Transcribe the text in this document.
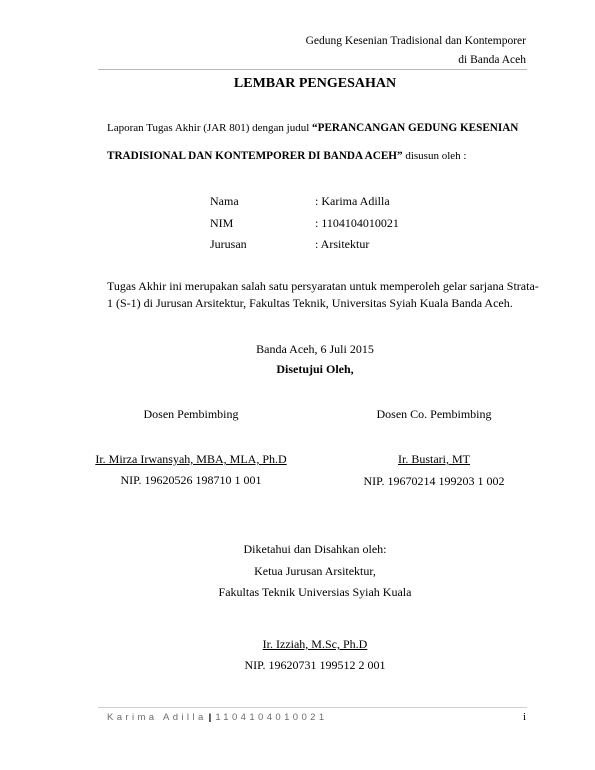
Gedung Kesenian Tradisional dan Kontemporer
di Banda Aceh
LEMBAR PENGESAHAN
Laporan Tugas Akhir (JAR 801) dengan judul “PERANCANGAN GEDUNG KESENIAN
TRADISIONAL DAN KONTEMPORER DI BANDA ACEH” disusun oleh :
Nama	: Karima Adilla
NIM	: 1104104010021
Jurusan	: Arsitektur
Tugas Akhir ini merupakan salah satu persyaratan untuk memperoleh gelar sarjana Strata-
1 (S-1) di Jurusan Arsitektur, Fakultas Teknik, Universitas Syiah Kuala Banda Aceh.
Banda Aceh, 6 Juli 2015
Disetujui Oleh,
Dosen Pembimbing	Dosen Co. Pembimbing
Ir. Mirza Irwansyah, MBA, MLA, Ph.D	Ir. Bustari, MT
NIP. 19620526 198710 1 001	NIP. 19670214 199203 1 002
Diketahui dan Disahkan oleh:
Ketua Jurusan Arsitektur,
Fakultas Teknik Universias Syiah Kuala
Ir. Izziah, M.Sc, Ph.D
NIP. 19620731 199512 2 001
Karima Adilla | 1104104010021	i
